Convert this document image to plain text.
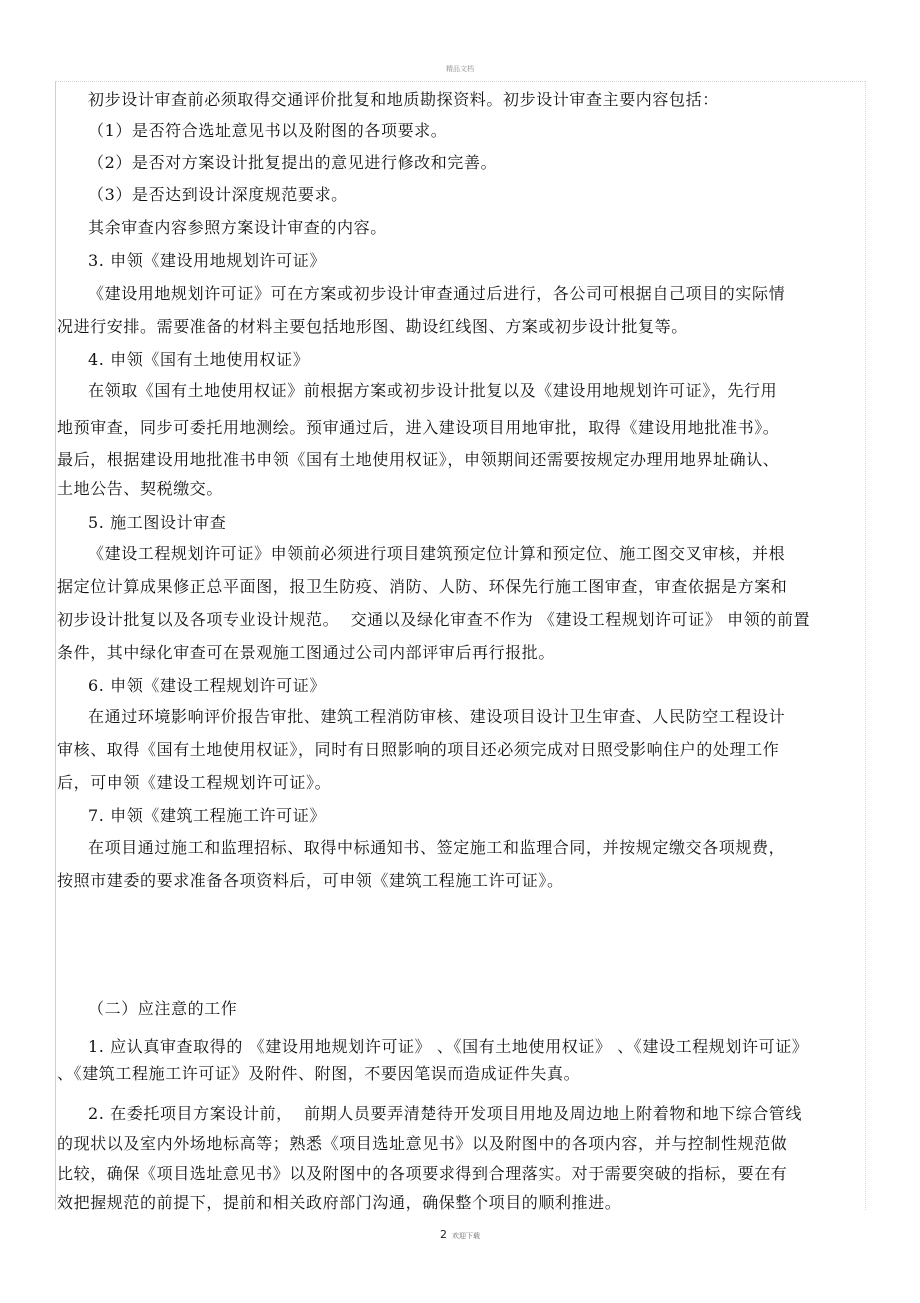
精品文档
初步设计审查前必须取得交通评价批复和地质勘探资料。初步设计审查主要内容包括：
（1）是否符合选址意见书以及附图的各项要求。
（2）是否对方案设计批复提出的意见进行修改和完善。
（3）是否达到设计深度规范要求。
其余审查内容参照方案设计审查的内容。
3. 申领《建设用地规划许可证》
《建设用地规划许可证》可在方案或初步设计审查通过后进行，各公司可根据自己项目的实际情
况进行安排。需要准备的材料主要包括地形图、勘设红线图、方案或初步设计批复等。
4. 申领《国有土地使用权证》
在领取《国有土地使用权证》前根据方案或初步设计批复以及《建设用地规划许可证》，先行用
地预审查，同步可委托用地测绘。预审通过后，进入建设项目用地审批，取得《建设用地批准书》。
最后，根据建设用地批准书申领《国有土地使用权证》，申领期间还需要按规定办理用地界址确认、
土地公告、契税缴交。
5. 施工图设计审查
《建设工程规划许可证》申领前必须进行项目建筑预定位计算和预定位、施工图交叉审核，并根
据定位计算成果修正总平面图，报卫生防疫、消防、人防、环保先行施工图审查，审查依据是方案和
初步设计批复以及各项专业设计规范。  交通以及绿化审查不作为 《建设工程规划许可证》 申领的前置
条件，其中绿化审查可在景观施工图通过公司内部评审后再行报批。
6. 申领《建设工程规划许可证》
在通过环境影响评价报告审批、建筑工程消防审核、建设项目设计卫生审查、人民防空工程设计
审核、取得《国有土地使用权证》，同时有日照影响的项目还必须完成对日照受影响住户的处理工作
后，可申领《建设工程规划许可证》。
7. 申领《建筑工程施工许可证》
在项目通过施工和监理招标、取得中标通知书、签定施工和监理合同，并按规定缴交各项规费，
按照市建委的要求准备各项资料后，可申领《建筑工程施工许可证》。
（二）应注意的工作
1. 应认真审查取得的 《建设用地规划许可证》 、《国有土地使用权证》 、《建设工程规划许可证》
、《建筑工程施工许可证》及附件、附图，不要因笔误而造成证件失真。
2. 在委托项目方案设计前，  前期人员要弄清楚待开发项目用地及周边地上附着物和地下综合管线
的现状以及室内外场地标高等；熟悉《项目选址意见书》以及附图中的各项内容，并与控制性规范做
比较，确保《项目选址意见书》以及附图中的各项要求得到合理落实。对于需要突破的指标，要在有
效把握规范的前提下，提前和相关政府部门沟通，确保整个项目的顺利推进。
2 欢迎下载
